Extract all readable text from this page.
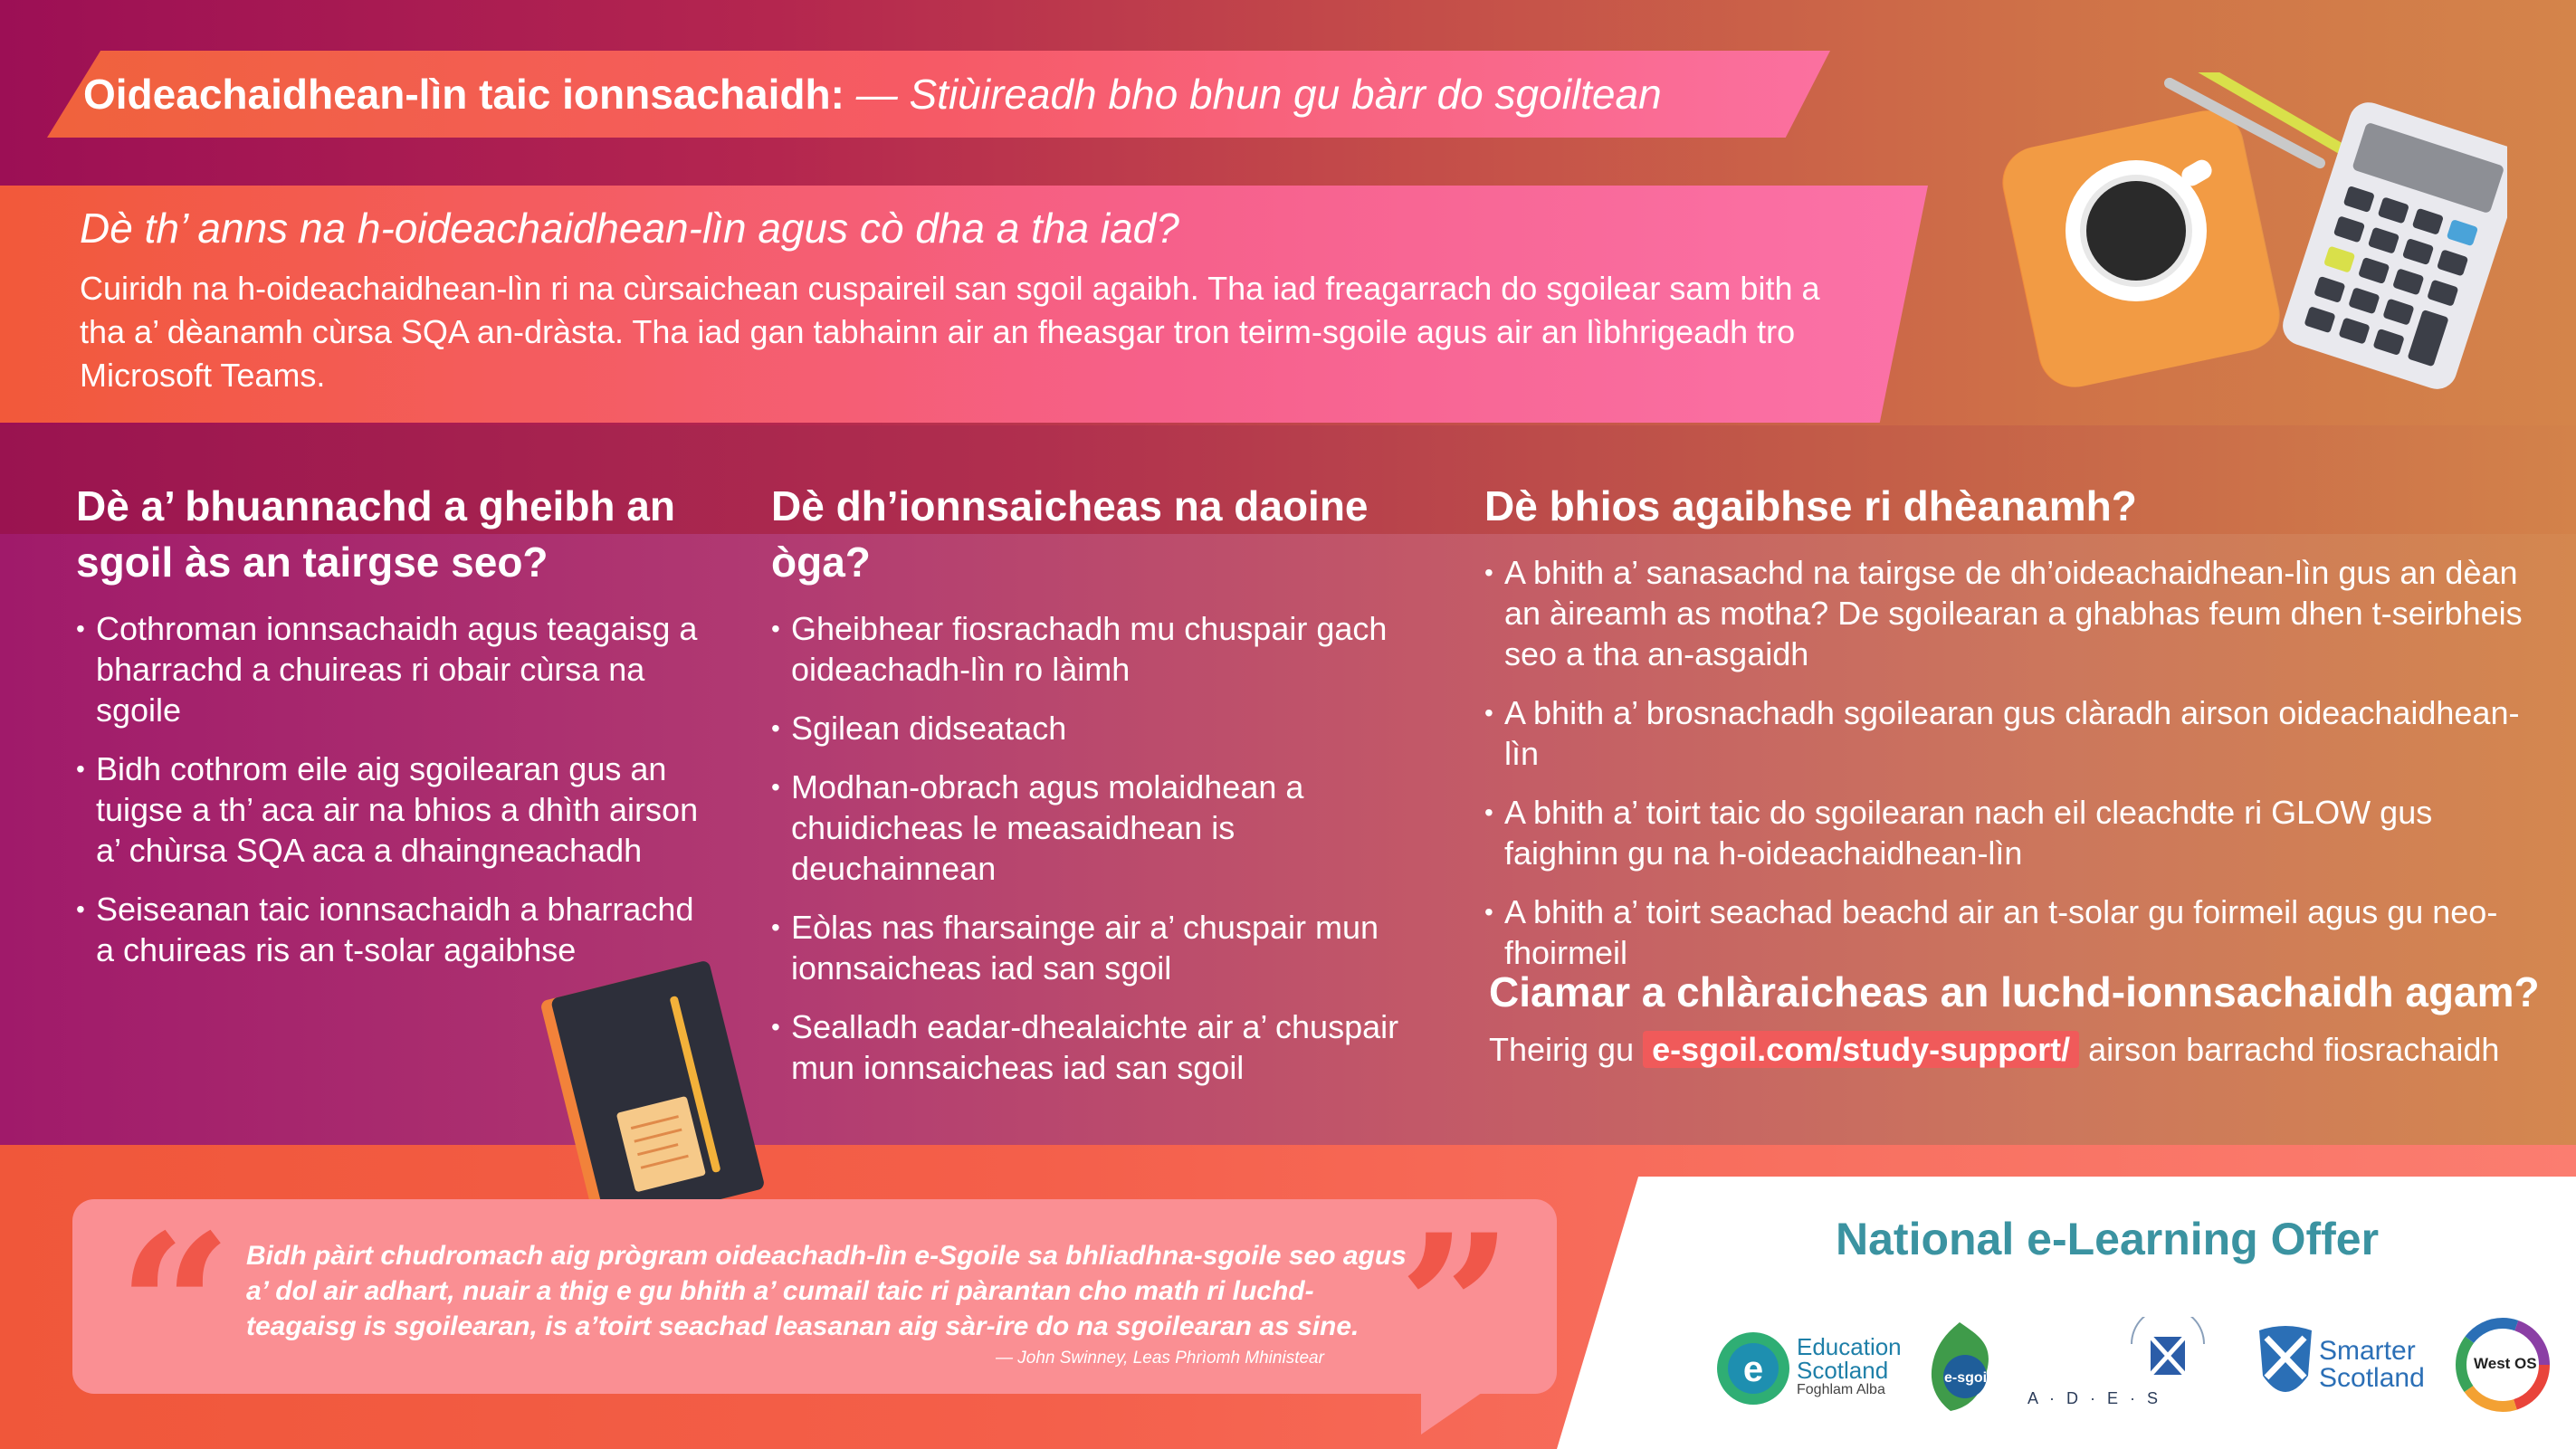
Oideachaidhean-lìn taic ionnsachaidh: — Stiùireadh bho bhun gu bàrr do sgoiltean
Dè th’ anns na h-oideachaidhean-lìn agus cò dha a tha iad?
Cuiridh na h-oideachaidhean-lìn ri na cùrsaichean cuspaireil san sgoil agaibh. Tha iad freagarrach do sgoilear sam bith a tha a’ dèanamh cùrsa SQA an-dràsta. Tha iad gan tabhainn air an fheasgar tron teirm-sgoile agus air an lìbhrigeadh tro Microsoft Teams.
Dè a’ bhuannachd a gheibh an sgoil às an tairgse seo?
• Cothroman ionnsachaidh agus teagaisg a bharrachd a chuireas ri obair cùrsa na sgoile
• Bidh cothrom eile aig sgoilearan gus an tuigse a th’ aca air na bhios a dhìth airson a’ chùrsa SQA aca a dhaingneachadh
• Seiseanan taic ionnsachaidh a bharrachd a chuireas ris an t-solar agaibhse
Dè dh’ionnsaicheas na daoine òga?
• Gheibhear fiosrachadh mu chuspair gach oideachadh-lìn ro làimh
• Sgilean didseatach
• Modhan-obrach agus molaidhean a chuidicheas le measaidhean is deuchainnean
• Eòlas nas fharsainge air a’ chuspair mun ionnsaicheas iad san sgoil
• Sealladh eadar-dhealaichte air a’ chuspair mun ionnsaicheas iad san sgoil
Dè bhios agaibhse ri dhèanamh?
• A bhith a’ sanasachd na tairgse de dh’oideachaidhean-lìn gus an dèan an àireamh as motha? De sgoilearan a ghabhas feum dhen t-seirbheis seo a tha an-asgaidh
• A bhith a’ brosnachadh sgoilearan gus clàradh airson oideachaidhean-lìn
• A bhith a’ toirt taic do sgoilearan nach eil cleachdte ri GLOW gus faighinn gu na h-oideachaidhean-lìn
• A bhith a’ toirt seachad beachd air an t-solar gu foirmeil agus gu neo-fhoirmeil
Ciamar a chlàraicheas an luchd-ionnsachaidh agam?

Theirig gu e-sgoil.com/study-support/ airson barrachd fiosrachaidh

“	”
Bidh pàirt chudromach aig prògram oideachadh-lìn e-Sgoile sa bhliadhna-sgoile seo agus a’ dol air adhart, nuair a thig e gu bhith a’ cumail taic ri pàrantan cho math ri luchd-teagaisg is sgoilearan, is a’toirt seachad leasanan aig sàr-ire do na sgoilearan as sine.
— John Swinney, Leas Phrìomh Mhinistear
National e-Learning Offer
e
Education
Scotland
Foghlam Alba
e-sgoil
A · D · E · S
Smarter
Scotland	West OS
